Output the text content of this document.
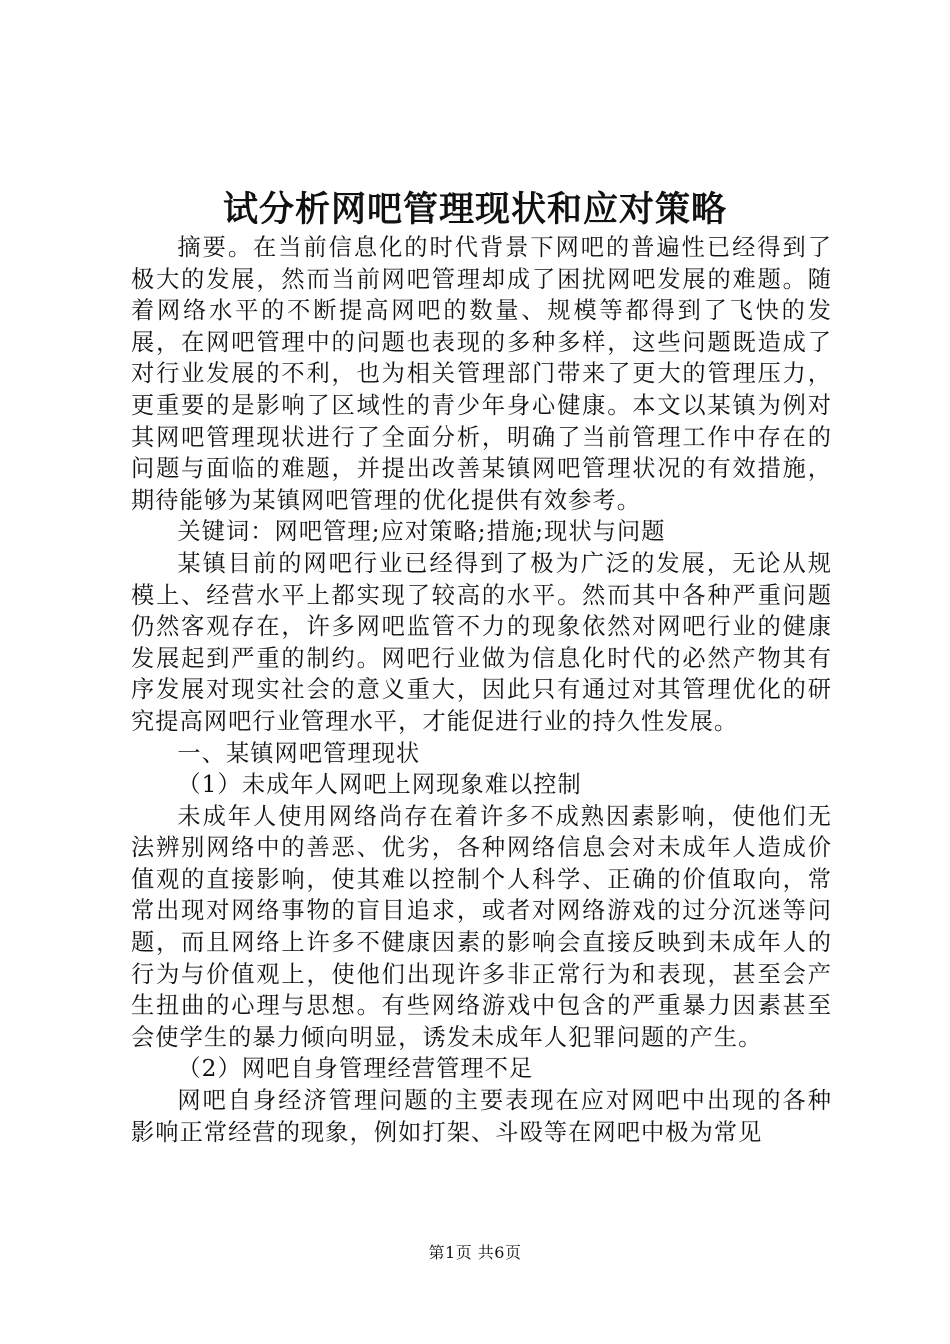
试分析网吧管理现状和应对策略

摘要。在当前信息化的时代背景下网吧的普遍性已经得到了极大的发展，然而当前网吧管理却成了困扰网吧发展的难题。随着网络水平的不断提高网吧的数量、规模等都得到了飞快的发展，在网吧管理中的问题也表现的多种多样，这些问题既造成了对行业发展的不利，也为相关管理部门带来了更大的管理压力，更重要的是影响了区域性的青少年身心健康。本文以某镇为例对其网吧管理现状进行了全面分析，明确了当前管理工作中存在的问题与面临的难题，并提出改善某镇网吧管理状况的有效措施，期待能够为某镇网吧管理的优化提供有效参考。

关键词：网吧管理;应对策略;措施;现状与问题

某镇目前的网吧行业已经得到了极为广泛的发展，无论从规模上、经营水平上都实现了较高的水平。然而其中各种严重问题仍然客观存在，许多网吧监管不力的现象依然对网吧行业的健康发展起到严重的制约。网吧行业做为信息化时代的必然产物其有序发展对现实社会的意义重大，因此只有通过对其管理优化的研究提高网吧行业管理水平，才能促进行业的持久性发展。

一、某镇网吧管理现状

（1）未成年人网吧上网现象难以控制

未成年人使用网络尚存在着许多不成熟因素影响，使他们无法辨别网络中的善恶、优劣，各种网络信息会对未成年人造成价值观的直接影响，使其难以控制个人科学、正确的价值取向，常常出现对网络事物的盲目追求，或者对网络游戏的过分沉迷等问题，而且网络上许多不健康因素的影响会直接反映到未成年人的行为与价值观上，使他们出现许多非正常行为和表现，甚至会产生扭曲的心理与思想。有些网络游戏中包含的严重暴力因素甚至会使学生的暴力倾向明显，诱发未成年人犯罪问题的产生。

（2）网吧自身管理经营管理不足

网吧自身经济管理问题的主要表现在应对网吧中出现的各种影响正常经营的现象，例如打架、斗殴等在网吧中极为常见

第1页 共6页
